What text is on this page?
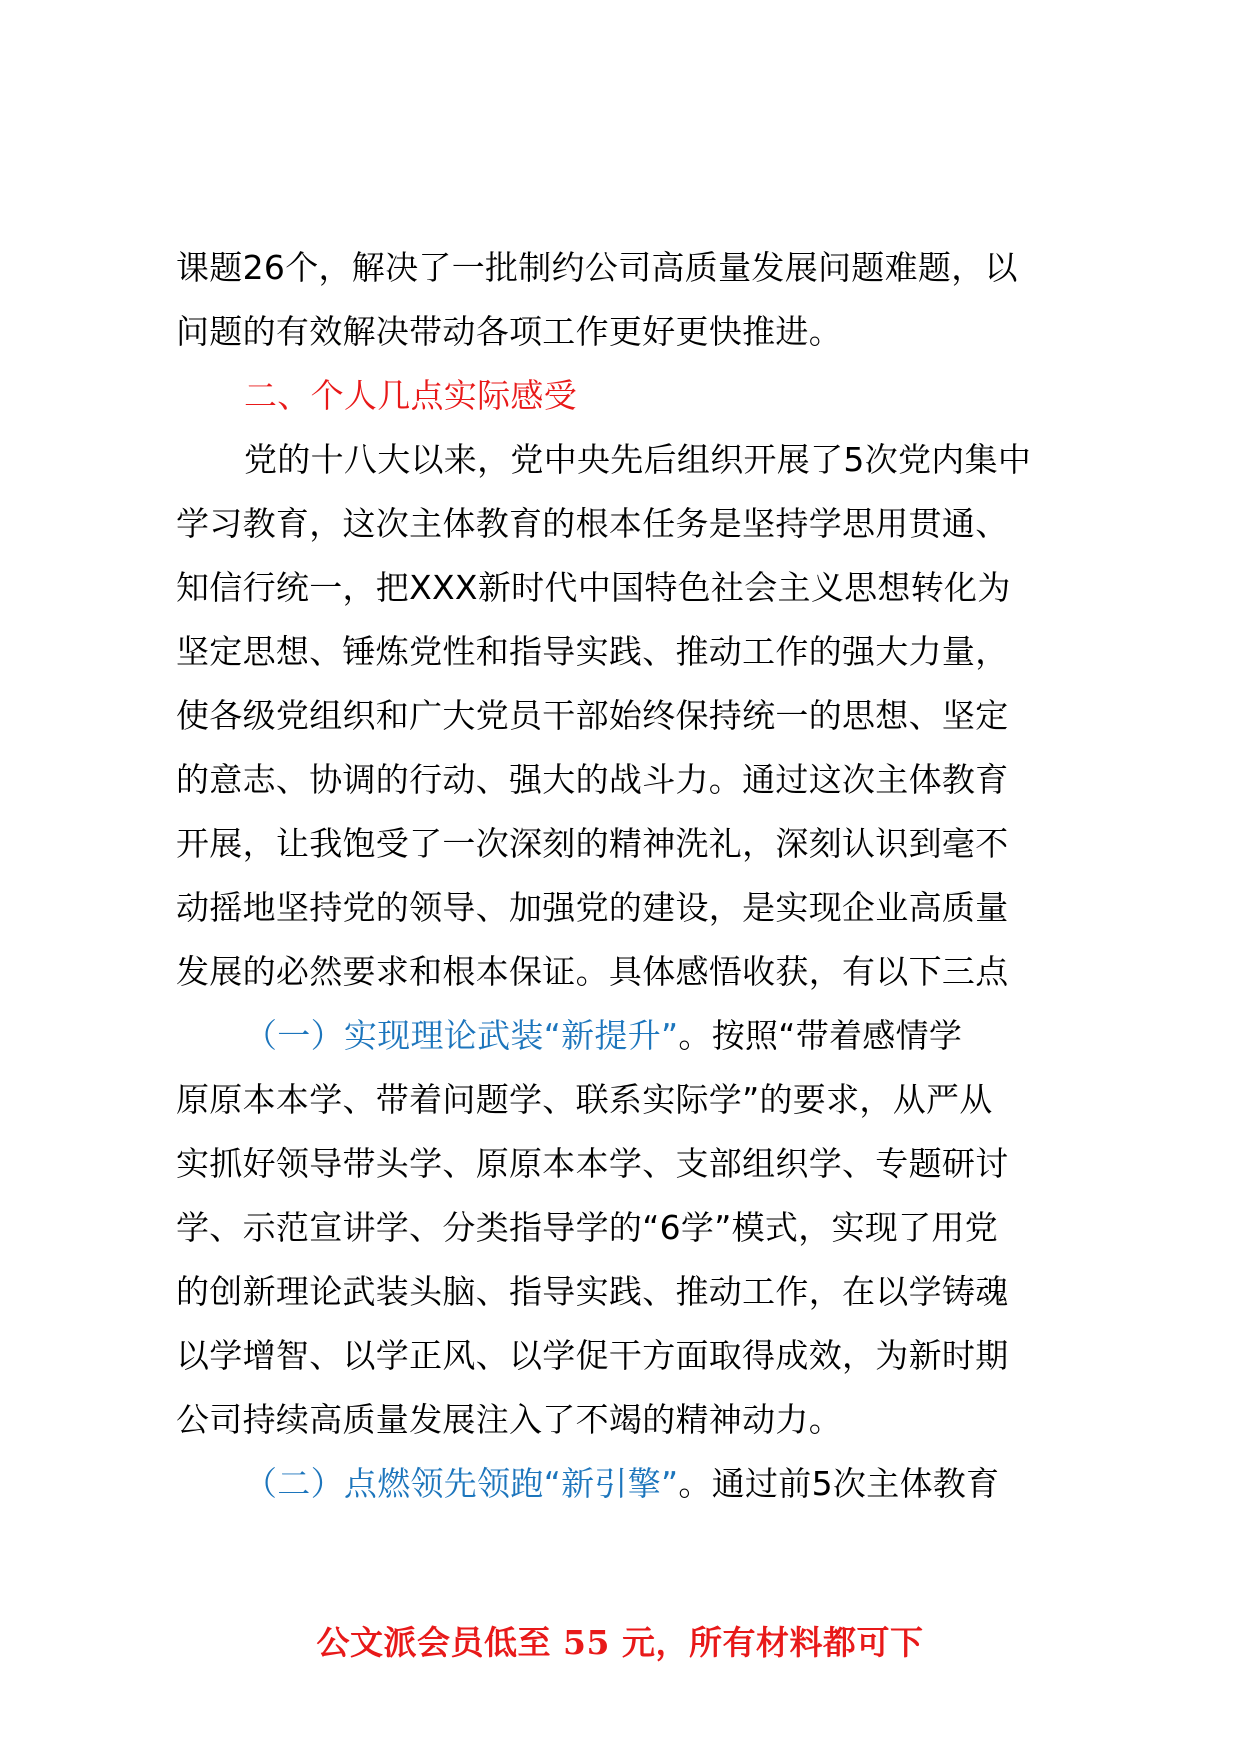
课题26个，解决了一批制约公司高质量发展问题难题，以
问题的有效解决带动各项工作更好更快推进。
二、个人几点实际感受
党的十八大以来，党中央先后组织开展了5次党内集中
学习教育，这次主体教育的根本任务是坚持学思用贯通、
知信行统一，把XXX新时代中国特色社会主义思想转化为
坚定思想、锤炼党性和指导实践、推动工作的强大力量，
使各级党组织和广大党员干部始终保持统一的思想、坚定
的意志、协调的行动、强大的战斗力。通过这次主体教育
开展，让我饱受了一次深刻的精神洗礼，深刻认识到毫不
动摇地坚持党的领导、加强党的建设，是实现企业高质量
发展的必然要求和根本保证。具体感悟收获，有以下三点
（一）实现理论武装“新提升”。按照“带着感情学
原原本本学、带着问题学、联系实际学”的要求，从严从
实抓好领导带头学、原原本本学、支部组织学、专题研讨
学、示范宣讲学、分类指导学的“6学”模式，实现了用党
的创新理论武装头脑、指导实践、推动工作，在以学铸魂
以学增智、以学正风、以学促干方面取得成效，为新时期
公司持续高质量发展注入了不竭的精神动力。
（二）点燃领先领跑“新引擎”。通过前5次主体教育
公文派会员低至 55 元，所有材料都可下
